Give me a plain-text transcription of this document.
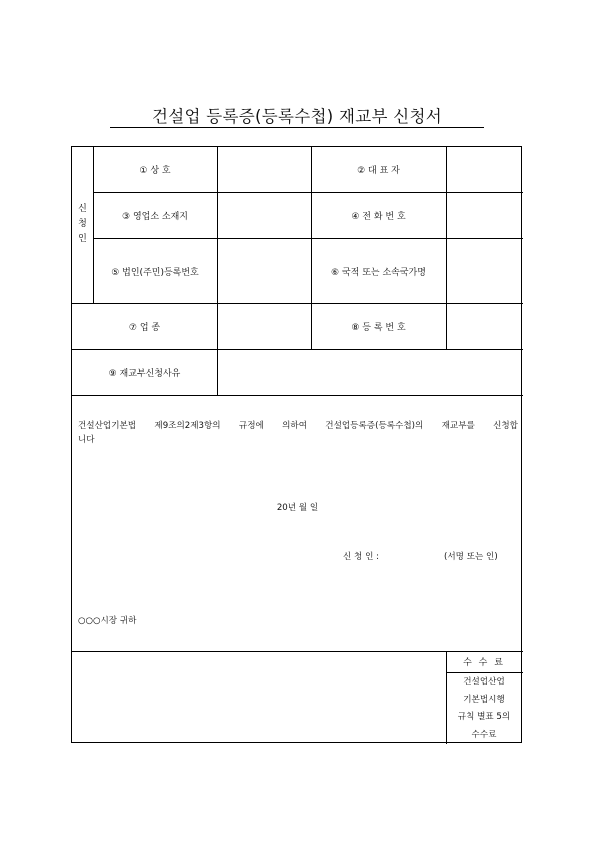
건설업 등록증(등록수첩) 재교부 신청서
신
청
인
① 상 호	② 대 표 자
③ 영업소 소재지	④ 전 화 번 호
⑤ 법인(주민)등록번호	⑥ 국적 또는 소속국가명
⑦ 업 종	⑧ 등 록 번 호
⑨ 재교부신청사유
건설산업기본법 제9조의2제3항의 규정에 의하여 건설업등록증(등록수첩)의 재교부를 신청합
니다
20년 월 일
신 청 인 :	(서명 또는 인)
○○○시장 귀하
수 수 료
건설업산업
기본법시행
규칙 별표 5의
수수료
